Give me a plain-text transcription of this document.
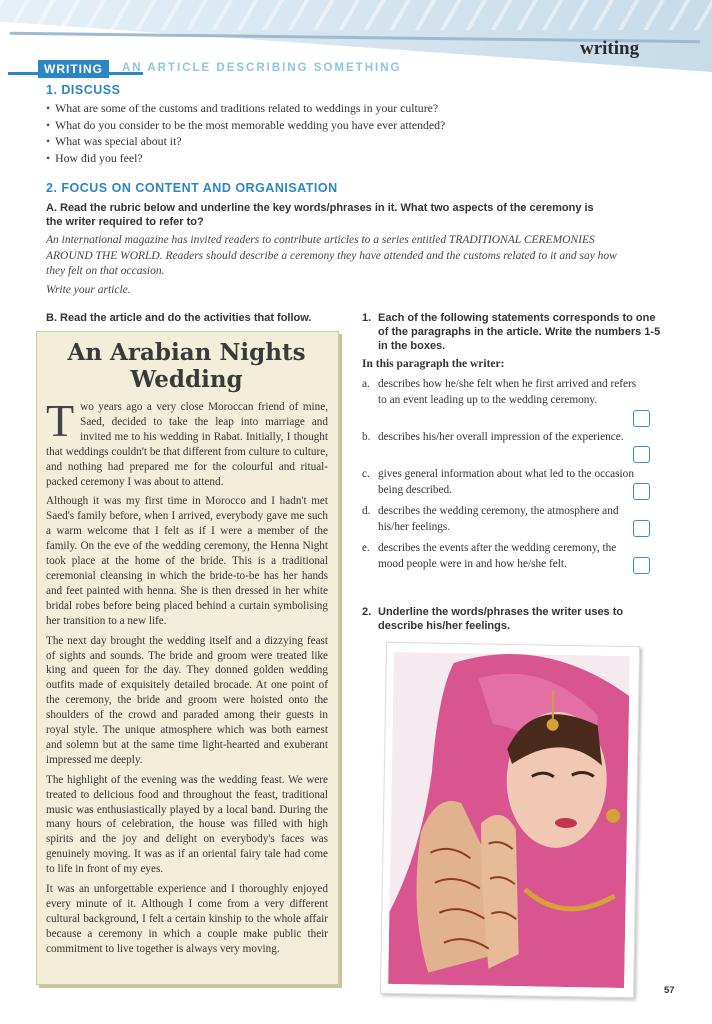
writing
WRITING	AN ARTICLE DESCRIBING SOMETHING
1. DISCUSS
• What are some of the customs and traditions related to weddings in your culture?
• What do you consider to be the most memorable wedding you have ever attended?
• What was special about it?
• How did you feel?
2. FOCUS ON CONTENT AND ORGANISATION
A. Read the rubric below and underline the key words/phrases in it. What two aspects of the ceremony is the writer required to refer to?
An international magazine has invited readers to contribute articles to a series entitled TRADITIONAL CEREMONIES AROUND THE WORLD. Readers should describe a ceremony they have attended and the customs related to it and say how they felt on that occasion.
Write your article.
B. Read the article and do the activities that follow.
An Arabian Nights
Wedding

Two years ago a very close Moroccan friend of mine, Saed, decided to take the leap into marriage and invited me to his wedding in Rabat. Initially, I thought that weddings couldn't be that different from culture to culture, and nothing had prepared me for the colourful and ritual-packed ceremony I was about to attend.

Although it was my first time in Morocco and I hadn't met Saed's family before, when I arrived, everybody gave me such a warm welcome that I felt as if I were a member of the family. On the eve of the wedding ceremony, the Henna Night took place at the home of the bride. This is a traditional ceremonial cleansing in which the bride-to-be has her hands and feet painted with henna. She is then dressed in her white bridal robes before being placed behind a curtain symbolising her transition to a new life.

The next day brought the wedding itself and a dizzying feast of sights and sounds. The bride and groom were treated like king and queen for the day. They donned golden wedding outfits made of exquisitely detailed brocade. At one point of the ceremony, the bride and groom were hoisted onto the shoulders of the crowd and paraded among their guests in royal style. The unique atmosphere which was both earnest and solemn but at the same time light-hearted and exuberant impressed me deeply.

The highlight of the evening was the wedding feast. We were treated to delicious food and throughout the feast, traditional music was enthusiastically played by a local band. During the many hours of celebration, the house was filled with high spirits and the joy and delight on everybody's faces was genuinely moving. It was as if an oriental fairy tale had come to life in front of my eyes.

It was an unforgettable experience and I thoroughly enjoyed every minute of it. Although I come from a very different cultural background, I felt a certain kinship to the whole affair because a ceremony in which a couple make public their commitment to live together is always very moving.

1. Each of the following statements corresponds to one of the paragraphs in the article. Write the numbers 1-5 in the boxes.
In this paragraph the writer:
a. describes how he/she felt when he first arrived and refers to an event leading up to the wedding ceremony.
b. describes his/her overall impression of the experience.
c. gives general information about what led to the occasion being described.
d. describes the wedding ceremony, the atmosphere and his/her feelings.
e. describes the events after the wedding ceremony, the mood people were in and how he/she felt.
2. Underline the words/phrases the writer uses to describe his/her feelings.
57
